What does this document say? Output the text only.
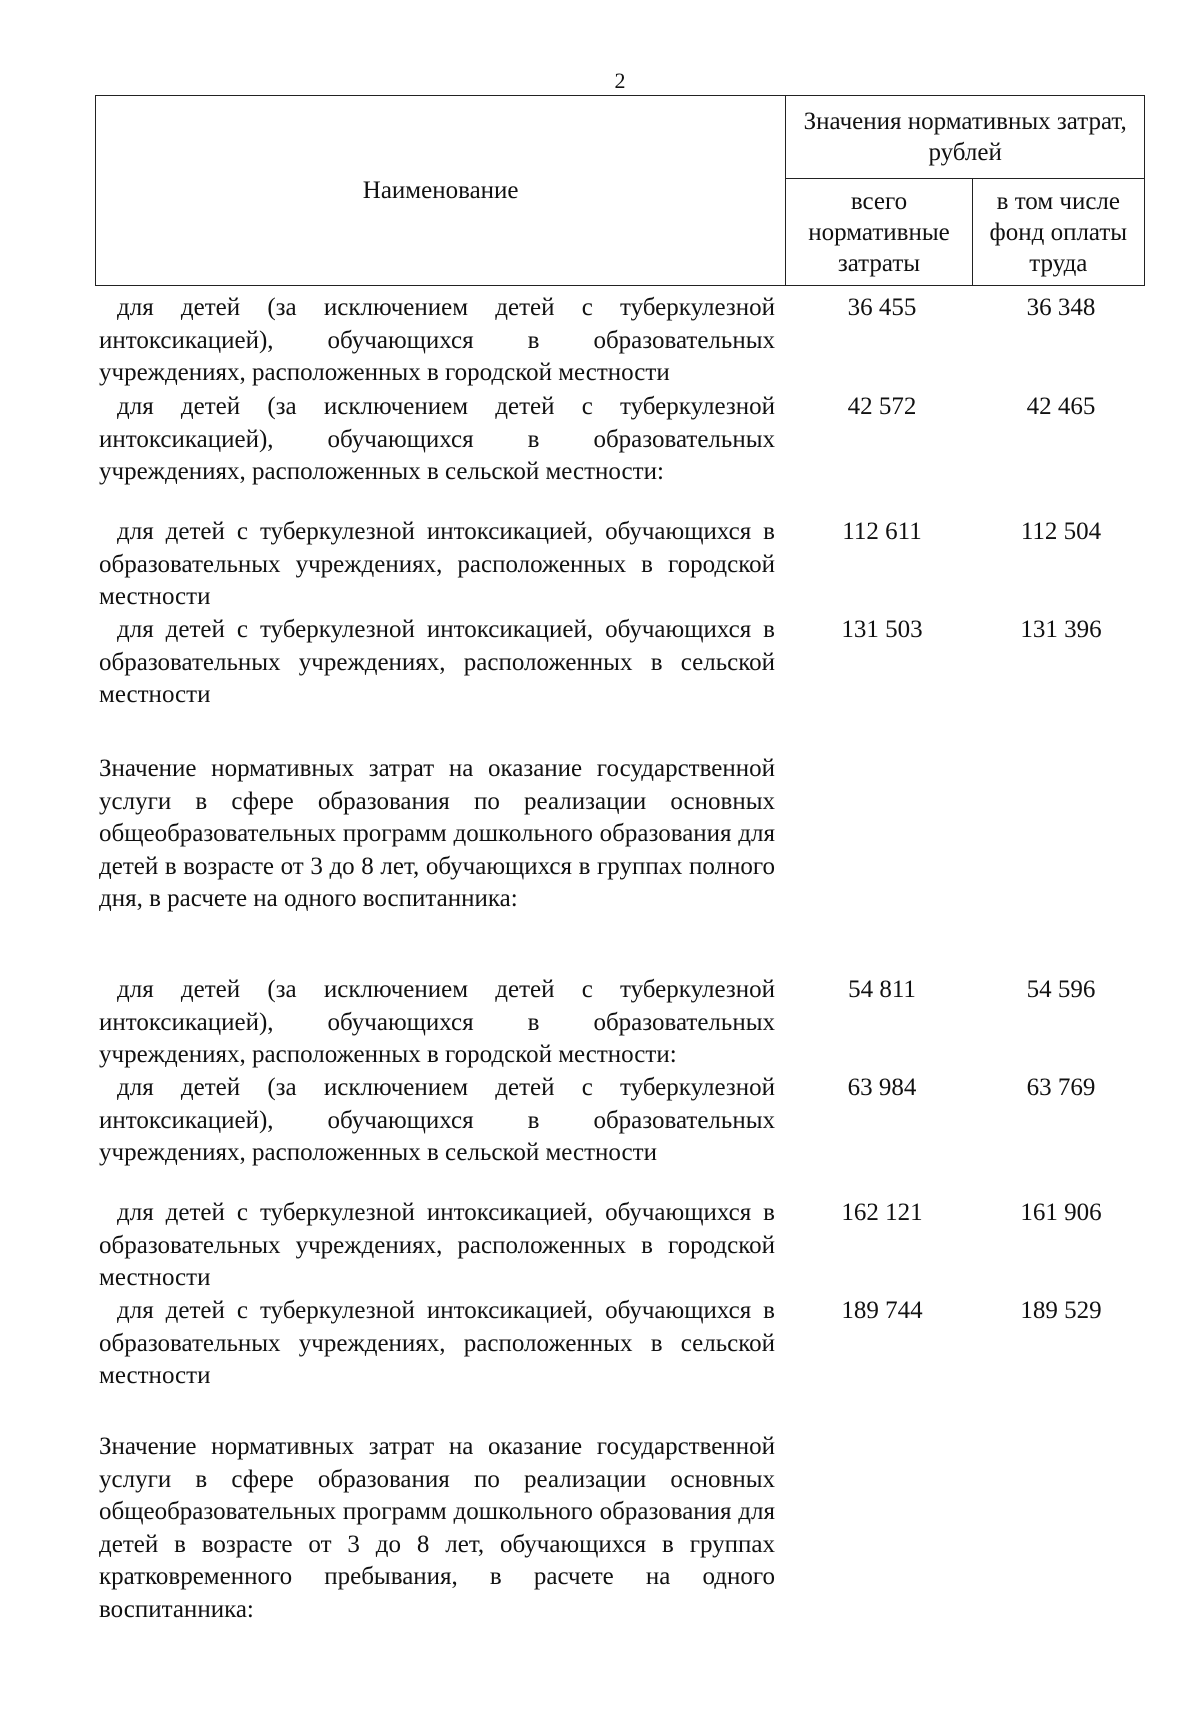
2
Наименование	Значения нормативных затрат, рублей	
	всего нормативные затраты	в том числе фонд оплаты труда
для детей (за исключением детей с туберкулезной интоксикацией), обучающихся в образовательных учреждениях, расположенных в городской местности
36 455	36 348
для детей (за исключением детей с туберкулезной интоксикацией), обучающихся в образовательных учреждениях, расположенных в сельской местности:
42 572	42 465
для детей с туберкулезной интоксикацией, обучающихся в образовательных учреждениях, расположенных в городской местности
112 611	112 504
для детей с туберкулезной интоксикацией, обучающихся в образовательных учреждениях, расположенных в сельской местности
131 503	131 396
Значение нормативных затрат на оказание государственной услуги в сфере образования по реализации основных общеобразовательных программ дошкольного образования для детей в возрасте от 3 до 8 лет, обучающихся в группах полного дня, в расчете на одного воспитанника:
для детей (за исключением детей с туберкулезной интоксикацией), обучающихся в образовательных учреждениях, расположенных в городской местности:
54 811	54 596
для детей (за исключением детей с туберкулезной интоксикацией), обучающихся в образовательных учреждениях, расположенных в сельской местности
63 984	63 769
для детей с туберкулезной интоксикацией, обучающихся в образовательных учреждениях, расположенных в городской местности
162 121	161 906
для детей с туберкулезной интоксикацией, обучающихся в образовательных учреждениях, расположенных в сельской местности
189 744	189 529
Значение нормативных затрат на оказание государственной услуги в сфере образования по реализации основных общеобразовательных программ дошкольного образования для детей в возрасте от 3 до 8 лет, обучающихся в группах кратковременного пребывания, в расчете на одного воспитанника:
